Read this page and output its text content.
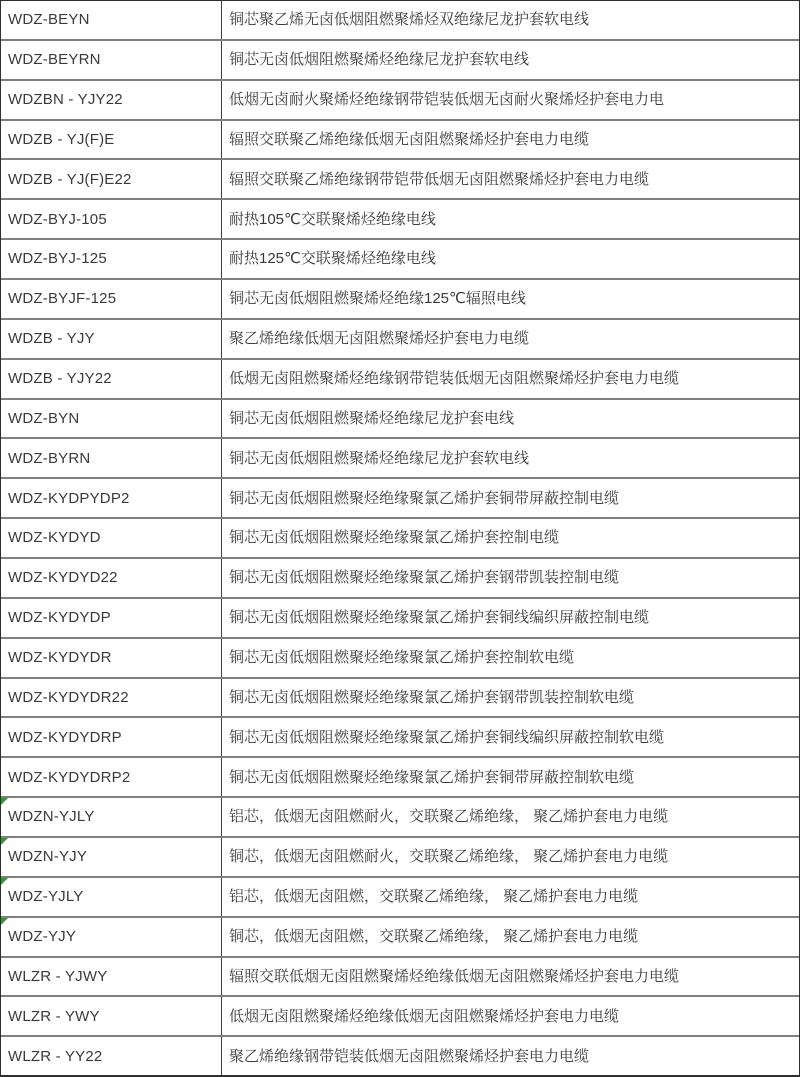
WDZ-BEYN	铜芯聚乙烯无卤低烟阻燃聚烯烃双绝缘尼龙护套软电线
WDZ-BEYRN	铜芯无卤低烟阻燃聚烯烃绝缘尼龙护套软电线
WDZBN - YJY22	低烟无卤耐火聚烯烃绝缘钢带铠装低烟无卤耐火聚烯烃护套电力电
WDZB - YJ(F)E	辐照交联聚乙烯绝缘低烟无卤阻燃聚烯烃护套电力电缆
WDZB - YJ(F)E22	辐照交联聚乙烯绝缘钢带铠带低烟无卤阻燃聚烯烃护套电力电缆
WDZ-BYJ-105	耐热105℃交联聚烯烃绝缘电线
WDZ-BYJ-125	耐热125℃交联聚烯烃绝缘电线
WDZ-BYJF-125	铜芯无卤低烟阻燃聚烯烃绝缘125℃辐照电线
WDZB - YJY	聚乙烯绝缘低烟无卤阻燃聚烯烃护套电力电缆
WDZB - YJY22	低烟无卤阻燃聚烯烃绝缘钢带铠装低烟无卤阻燃聚烯烃护套电力电缆
WDZ-BYN	铜芯无卤低烟阻燃聚烯烃绝缘尼龙护套电线
WDZ-BYRN	铜芯无卤低烟阻燃聚烯烃绝缘尼龙护套软电线
WDZ-KYDPYDP2	铜芯无卤低烟阻燃聚烃绝缘聚氯乙烯护套铜带屏蔽控制电缆
WDZ-KYDYD	铜芯无卤低烟阻燃聚烃绝缘聚氯乙烯护套控制电缆
WDZ-KYDYD22	铜芯无卤低烟阻燃聚烃绝缘聚氯乙烯护套钢带凯装控制电缆
WDZ-KYDYDP	铜芯无卤低烟阻燃聚烃绝缘聚氯乙烯护套铜线编织屏蔽控制电缆
WDZ-KYDYDR	铜芯无卤低烟阻燃聚烃绝缘聚氯乙烯护套控制软电缆
WDZ-KYDYDR22	铜芯无卤低烟阻燃聚烃绝缘聚氯乙烯护套钢带凯装控制软电缆
WDZ-KYDYDRP	铜芯无卤低烟阻燃聚烃绝缘聚氯乙烯护套铜线编织屏蔽控制软电缆
WDZ-KYDYDRP2	铜芯无卤低烟阻燃聚烃绝缘聚氯乙烯护套铜带屏蔽控制软电缆
WDZN-YJLY	铝芯，低烟无卤阻燃耐火，交联聚乙烯绝缘， 聚乙烯护套电力电缆
WDZN-YJY	铜芯，低烟无卤阻燃耐火，交联聚乙烯绝缘， 聚乙烯护套电力电缆
WDZ-YJLY	铝芯，低烟无卤阻燃，交联聚乙烯绝缘， 聚乙烯护套电力电缆
WDZ-YJY	铜芯，低烟无卤阻燃，交联聚乙烯绝缘， 聚乙烯护套电力电缆
WLZR - YJWY	辐照交联低烟无卤阻燃聚烯烃绝缘低烟无卤阻燃聚烯烃护套电力电缆
WLZR - YWY	低烟无卤阻燃聚烯烃绝缘低烟无卤阻燃聚烯烃护套电力电缆
WLZR - YY22	聚乙烯绝缘钢带铠装低烟无卤阻燃聚烯烃护套电力电缆
